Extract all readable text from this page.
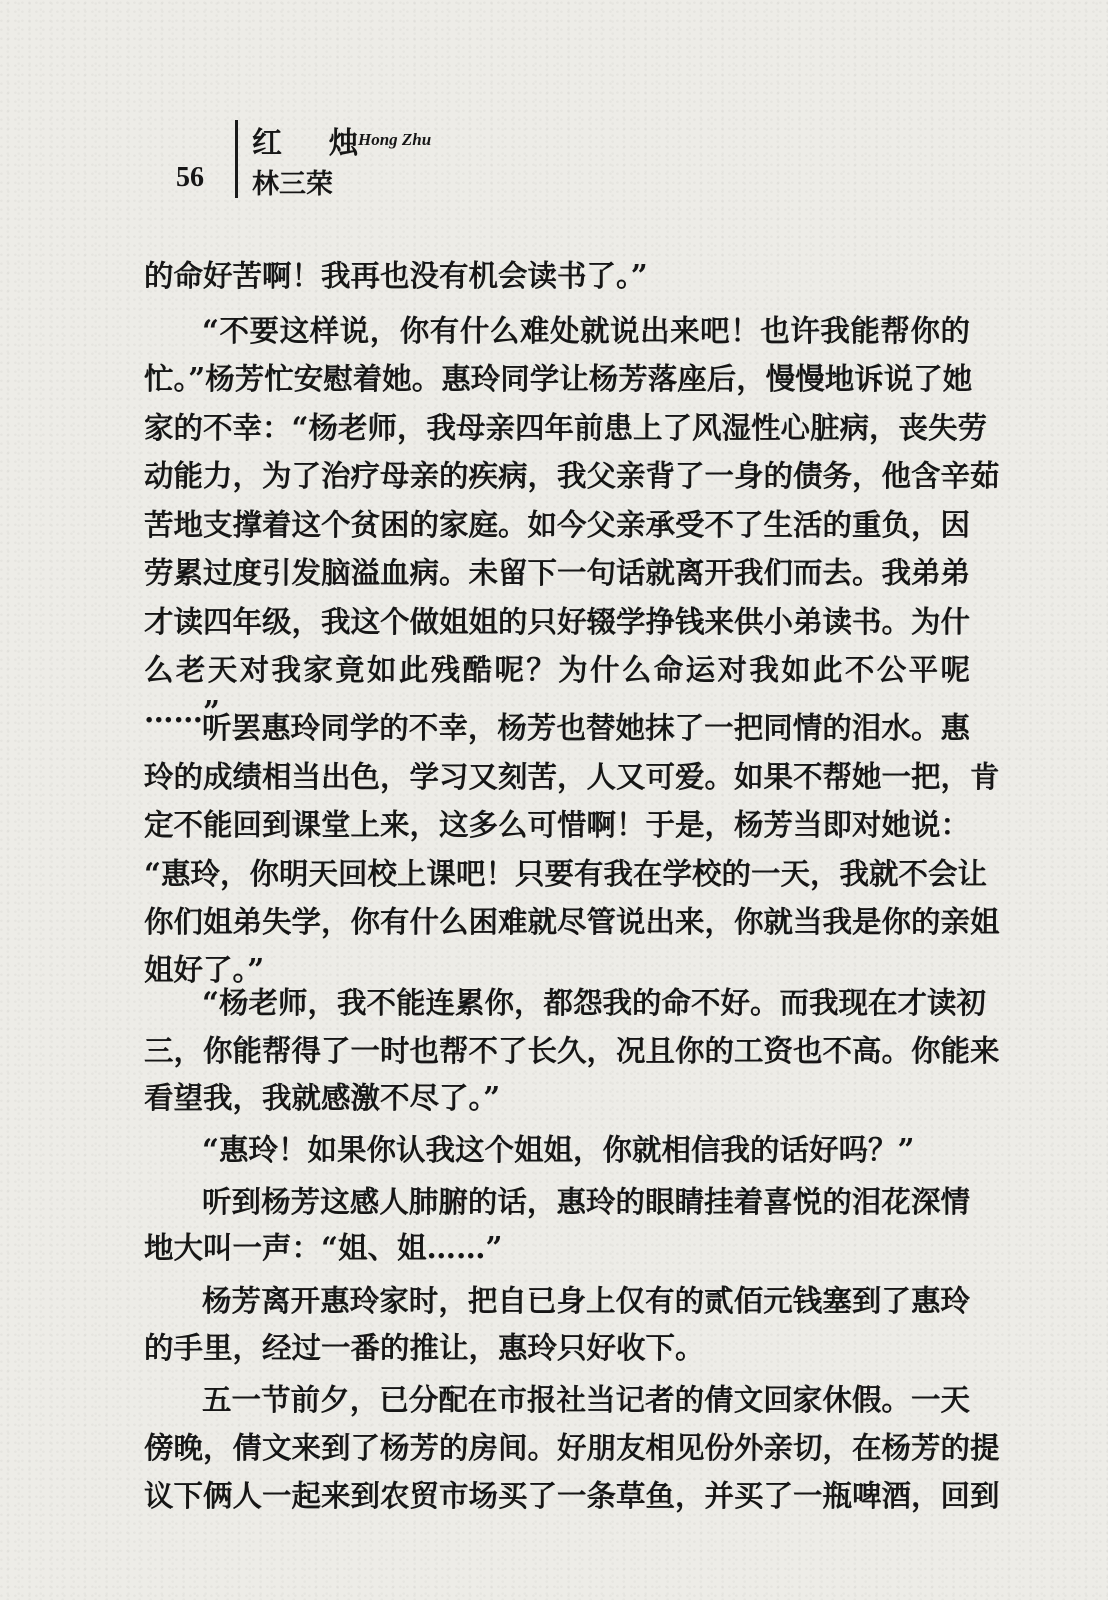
56
红 烛
Hong Zhu
林三荣
的命好苦啊！我再也没有机会读书了。”
“不要这样说，你有什么难处就说出来吧！也许我能帮你的
忙。”杨芳忙安慰着她。惠玲同学让杨芳落座后，慢慢地诉说了她
家的不幸：“杨老师，我母亲四年前患上了风湿性心脏病，丧失劳
动能力，为了治疗母亲的疾病，我父亲背了一身的债务，他含辛茹
苦地支撑着这个贫困的家庭。如今父亲承受不了生活的重负，因
劳累过度引发脑溢血病。未留下一句话就离开我们而去。我弟弟
才读四年级，我这个做姐姐的只好辍学挣钱来供小弟读书。为什
么老天对我家竟如此残酷呢？为什么命运对我如此不公平呢
……”
听罢惠玲同学的不幸，杨芳也替她抹了一把同情的泪水。惠
玲的成绩相当出色，学习又刻苦，人又可爱。如果不帮她一把，肯
定不能回到课堂上来，这多么可惜啊！于是，杨芳当即对她说：
“惠玲，你明天回校上课吧！只要有我在学校的一天，我就不会让
你们姐弟失学，你有什么困难就尽管说出来，你就当我是你的亲姐
姐好了。”
“杨老师，我不能连累你，都怨我的命不好。而我现在才读初
三，你能帮得了一时也帮不了长久，况且你的工资也不高。你能来
看望我，我就感激不尽了。”
“惠玲！如果你认我这个姐姐，你就相信我的话好吗？”
听到杨芳这感人肺腑的话，惠玲的眼睛挂着喜悦的泪花深情
地大叫一声：“姐、姐……”
杨芳离开惠玲家时，把自已身上仅有的贰佰元钱塞到了惠玲
的手里，经过一番的推让，惠玲只好收下。
五一节前夕，已分配在市报社当记者的倩文回家休假。一天
傍晚，倩文来到了杨芳的房间。好朋友相见份外亲切，在杨芳的提
议下俩人一起来到农贸市场买了一条草鱼，并买了一瓶啤酒，回到
